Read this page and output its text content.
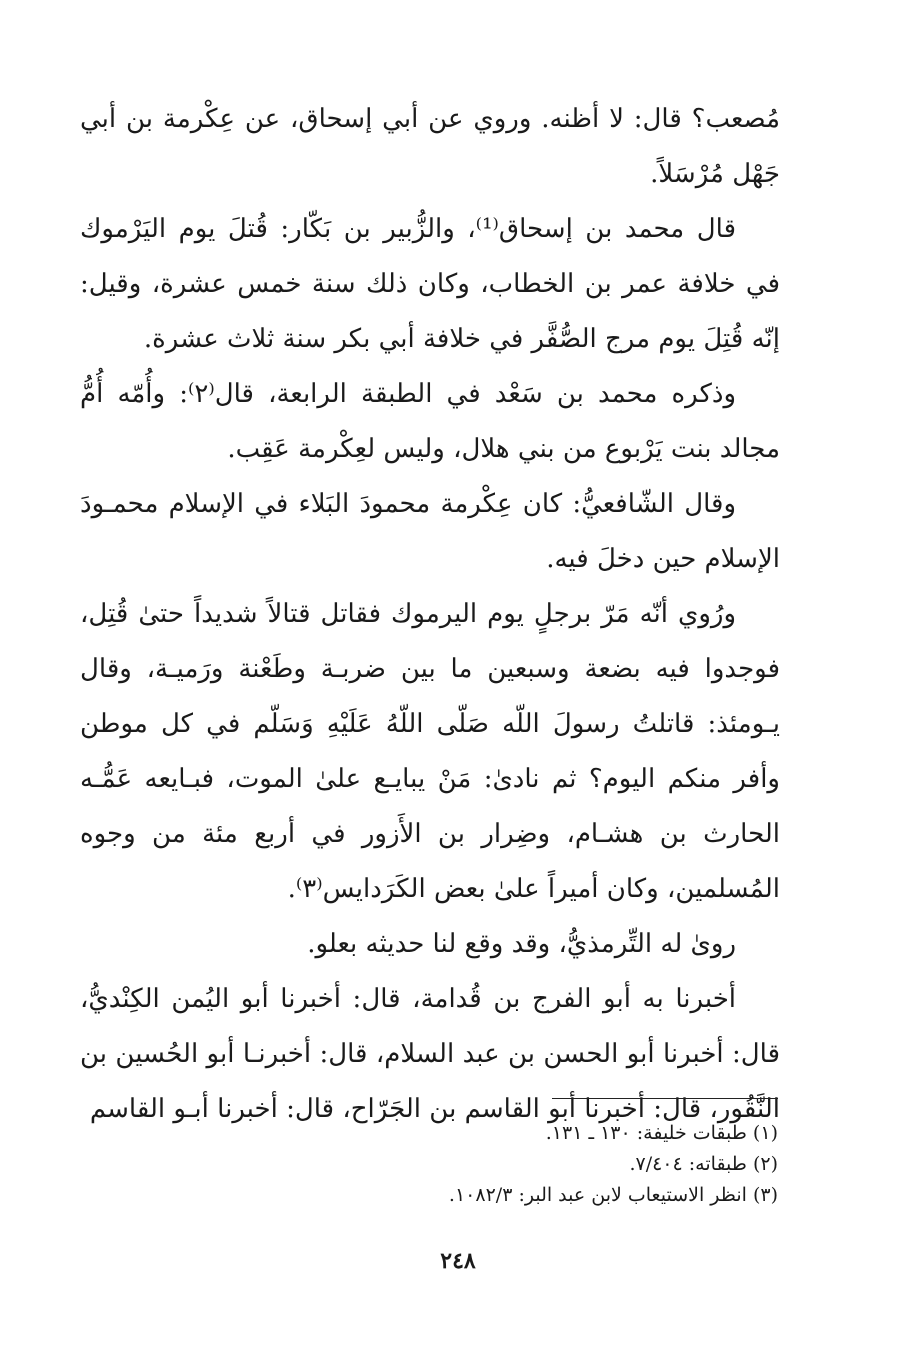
مُصعب؟ قال: لا أظنه. وروي عن أبي إسحاق، عن عِكْرمة بن أبي جَهْل مُرْسَلاً.

قال محمد بن إسحاق⁽¹⁾، والزُّبير بن بَكّار: قُتلَ يوم اليَرْموك في خلافة عمر بن الخطاب، وكان ذلك سنة خمس عشرة، وقيل: إنّه قُتِلَ يوم مرج الصُّفَّر في خلافة أبي بكر سنة ثلاث عشرة.

وذكره محمد بن سَعْد في الطبقة الرابعة، قال⁽٢⁾: وأُمّه أُمُّ مجالد بنت يَرْبوع من بني هلال، وليس لعِكْرمة عَقِب.

وقال الشّافعيُّ: كان عِكْرمة محمودَ البَلاء في الإسلام محمـودَ الإسلام حين دخلَ فيه.

ورُوي أنّه مَرّ برجلٍ يوم اليرموك فقاتل قتالاً شديداً حتىٰ قُتِل، فوجدوا فيه بضعة وسبعين ما بين ضربـة وطَعْنة ورَميـة، وقال يـومئذ: قاتلتُ رسولَ اللّه صَلّى اللّهُ عَلَيْهِ وَسَلّم في كل موطن وأفر منكم اليوم؟ ثم نادىٰ: مَنْ يبايـع علىٰ الموت، فبـايعه عَمُّـه الحارث بن هشـام، وضِرار بن الأَزور في أربع مئة من وجوه المُسلمين، وكان أميراً علىٰ بعض الكَرَدايس⁽٣⁾.

روىٰ له التِّرمذيُّ، وقد وقع لنا حديثه بعلو.

أخبرنا به أبو الفرج بن قُدامة، قال: أخبرنا أبو اليُمن الكِنْديُّ، قال: أخبرنا أبو الحسن بن عبد السلام، قال: أخبرنـا أبو الحُسين بن النَّقُور، قال: أخبرنا أبو القاسم بن الجَرّاح، قال: أخبرنا أبـو القاسم

(١) طبقات خليفة: ١٣٠ ـ ١٣١.

(٢) طبقاته: ٧/٤٠٤.

(٣) انظر الاستيعاب لابن عبد البر: ١٠٨٢/٣.

٢٤٨
